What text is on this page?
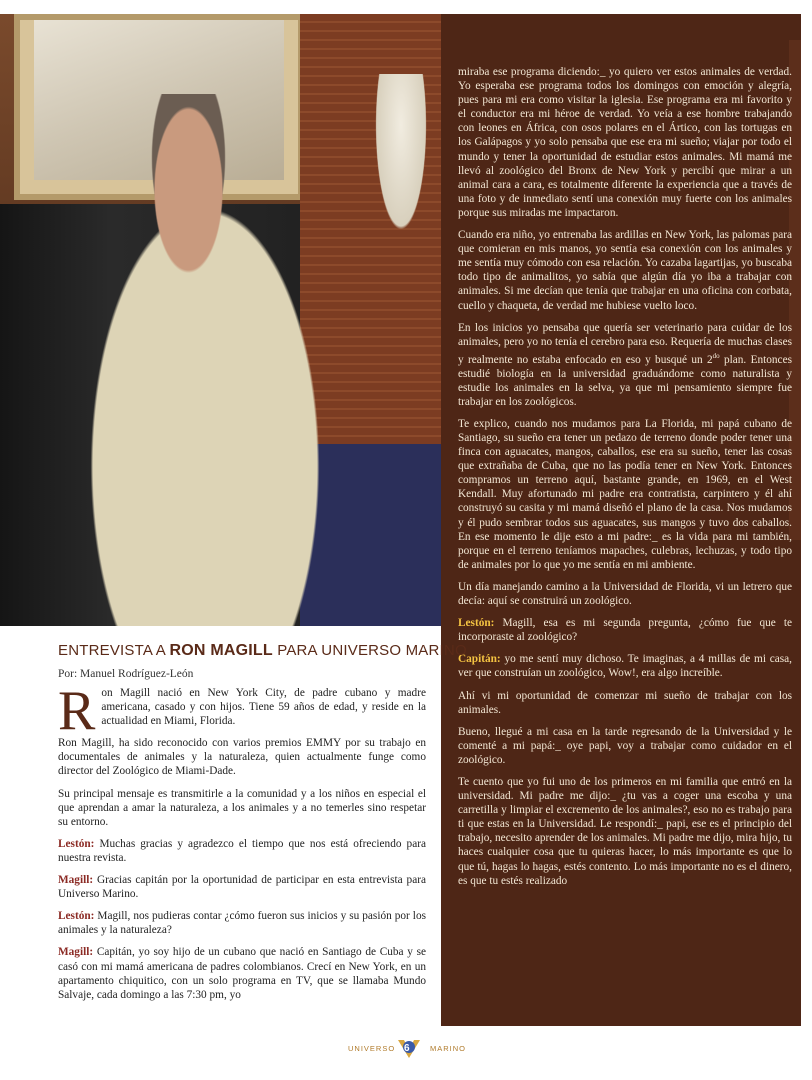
miraba ese programa diciendo:_ yo quiero ver estos animales de verdad. Yo esperaba ese programa todos los domingos con emoción y alegría, pues para mi era como visitar la iglesia. Ese programa era mi favorito y el conductor era mi héroe de verdad. Yo veía a ese hombre trabajando con leones en África, con osos polares en el Ártico, con las tortugas en los Galápagos y yo solo pensaba que ese era mi sueño; viajar por todo el mundo y tener la oportunidad de estudiar estos animales. Mi mamá me llevó al zoológico del Bronx de New York y percibí que mirar a un animal cara a cara, es totalmente diferente la experiencia que a través de una foto y de inmediato sentí una conexión muy fuerte con los animales porque sus miradas me impactaron.

Cuando era niño, yo entrenaba las ardillas en New York, las palomas para que comieran en mis manos, yo sentía esa conexión con los animales y me sentía muy cómodo con esa relación. Yo cazaba lagartijas, yo buscaba todo tipo de animalitos, yo sabía que algún día yo iba a trabajar con animales. Si me decían que tenía que trabajar en una oficina con corbata, cuello y chaqueta, de verdad me hubiese vuelto loco.

En los inicios yo pensaba que quería ser veterinario para cuidar de los animales, pero yo no tenía el cerebro para eso. Requería de muchas clases y realmente no estaba enfocado en eso y busqué un $2^{do}$ plan. Entonces estudié biología en la universidad graduándome como naturalista y estudie los animales en la selva, ya que mi pensamiento siempre fue trabajar en los zoológicos.

Te explico, cuando nos mudamos para La Florida, mi papá cubano de Santiago, su sueño era tener un pedazo de terreno donde poder tener una finca con aguacates, mangos, caballos, ese era su sueño, tener las cosas que extrañaba de Cuba, que no las podía tener en New York. Entonces compramos un terreno aquí, bastante grande, en 1969, en el West Kendall. Muy afortunado mi padre era contratista, carpintero y él ahí construyó su casita y mi mamá diseñó el plano de la casa. Nos mudamos y él pudo sembrar todos sus aguacates, sus mangos y tuvo dos caballos. En ese momento le dije esto a mi padre:_ es la vida para mi también, porque en el terreno teníamos mapaches, culebras, lechuzas, y todo tipo de animales por lo que yo me sentía en mi ambiente.

Un día manejando camino a la Universidad de Florida, vi un letrero que decía: aquí se construirá un zoológico.

Lestón: Magill, esa es mi segunda pregunta, ¿cómo fue que te incorporaste al zoológico?

Capitán: yo me sentí muy dichoso. Te imaginas, a 4 millas de mi casa, ver que construían un zoológico, Wow!, era algo increíble.

Ahí vi mi oportunidad de comenzar mi sueño de trabajar con los animales.

Bueno, llegué a mi casa en la tarde regresando de la Universidad y le comenté a mi papá:_ oye papi, voy a trabajar como cuidador en el zoológico.

Te cuento que yo fui uno de los primeros en mi familia que entró en la universidad. Mi padre me dijo:_ ¿tu vas a coger una escoba y una carretilla y limpiar el excremento de los animales?, eso no es trabajo para ti que estas en la Universidad. Le respondí:_ papi, ese es el principio del trabajo, necesito aprender de los animales. Mi padre me dijo, mira hijo, tu haces cualquier cosa que tu quieras hacer, lo más importante es que lo que tú, hagas lo hagas, estés contento. Lo más importante no es el dinero, es que tu estés realizado

ENTREVISTA A RON MAGILL PARA UNIVERSO MARINO
Por: Manuel Rodríguez-León

Ron Magill nació en New York City, de padre cubano y madre americana, casado y con hijos. Tiene 59 años de edad, y reside en la actualidad en Miami, Florida.

Ron Magill, ha sido reconocido con varios premios EMMY por su trabajo en documentales de animales y la naturaleza, quien actualmente funge como director del Zoológico de Miami-Dade.

Su principal mensaje es transmitirle a la comunidad y a los niños en especial el que aprendan a amar la naturaleza, a los animales y a no temerles sino respetar su entorno.

Lestón: Muchas gracias y agradezco el tiempo que nos está ofreciendo para nuestra revista.

Magill: Gracias capitán por la oportunidad de participar en esta entrevista para Universo Marino.

Lestón: Magill, nos pudieras contar ¿cómo fueron sus inicios y su pasión por los animales y la naturaleza?

Magill: Capitán, yo soy hijo de un cubano que nació en Santiago de Cuba y se casó con mi mamá americana de padres colombianos. Crecí en New York, en un apartamento chiquitico, con un solo programa en TV, que se llamaba Mundo Salvaje, cada domingo a las 7:30 pm, yo

UNIVERSO 6	MARINO
